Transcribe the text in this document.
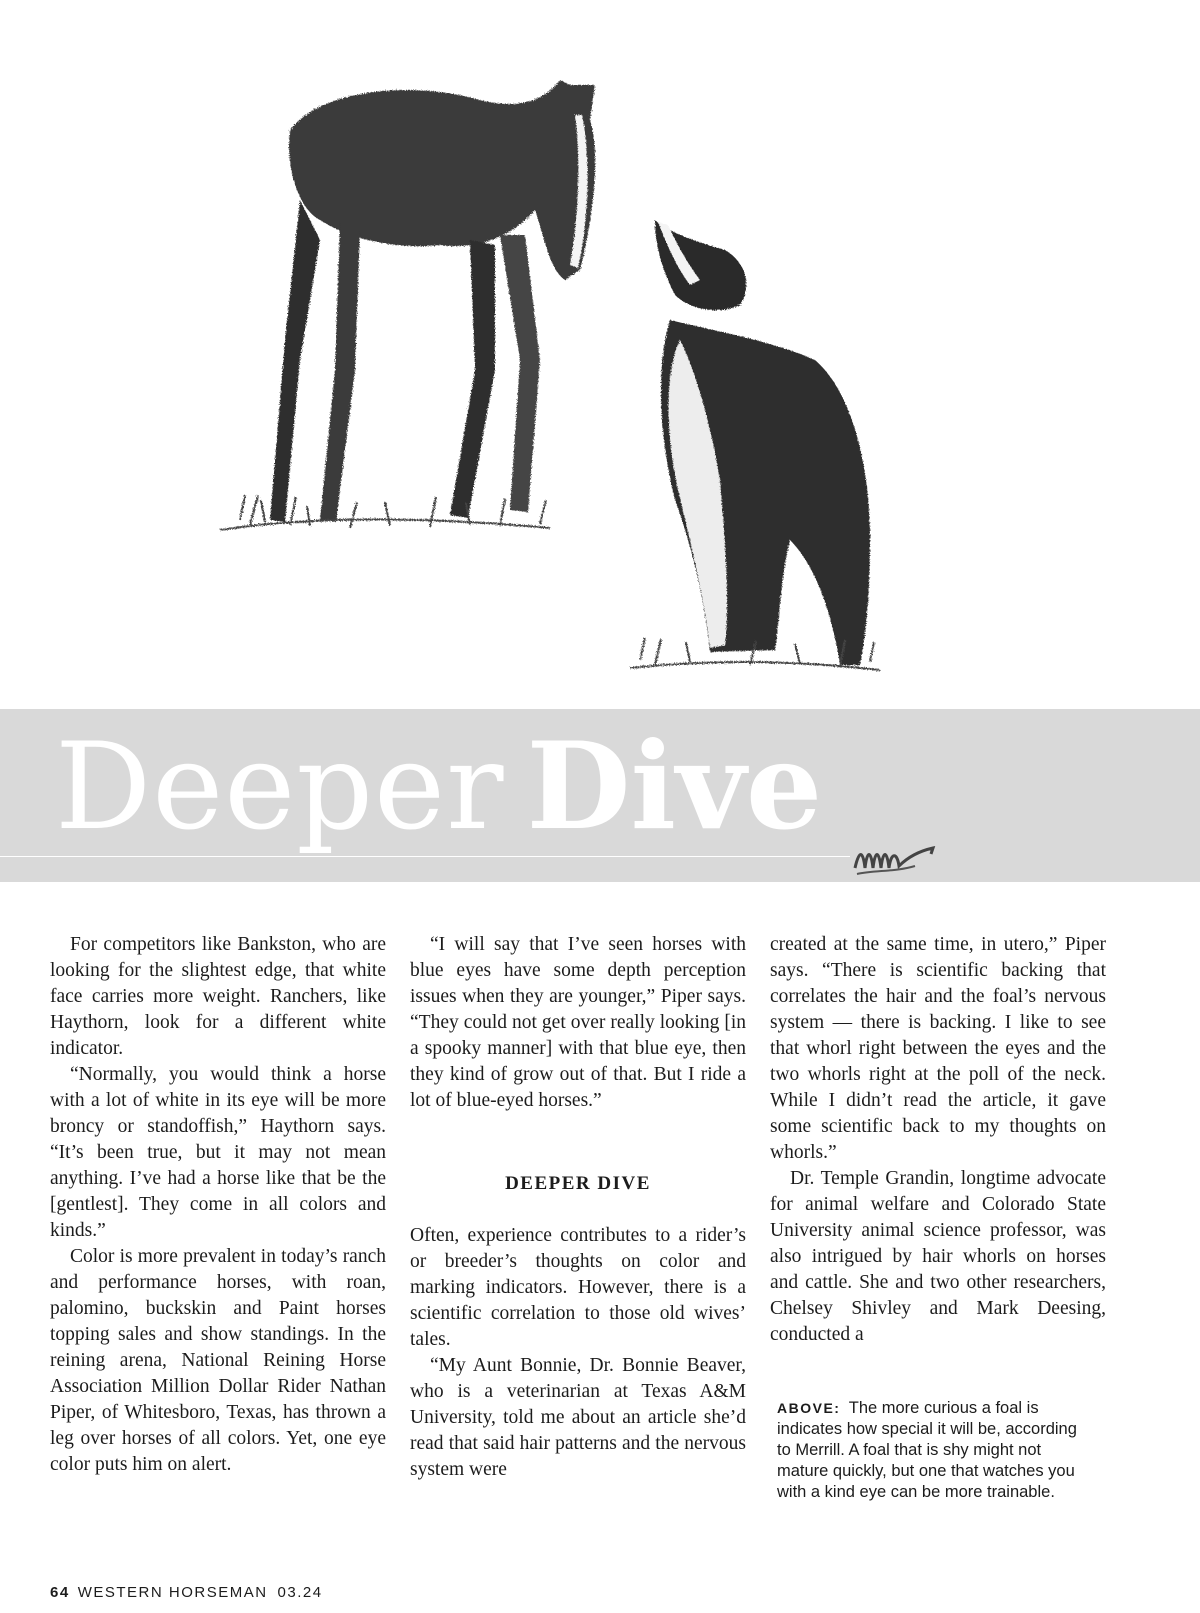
Deeper Dive

For competitors like Bankston, who are looking for the slightest edge, that white face carries more weight. Ranchers, like Haythorn, look for a different white indicator.

“Normally, you would think a horse with a lot of white in its eye will be more broncy or standoffish,” Haythorn says. “It’s been true, but it may not mean anything. I’ve had a horse like that be the [gentlest]. They come in all colors and kinds.”

Color is more prevalent in today’s ranch and performance horses, with roan, palomino, buckskin and Paint horses topping sales and show standings. In the reining arena, National Reining Horse Association Million Dollar Rider Nathan Piper, of Whitesboro, Texas, has thrown a leg over horses of all colors. Yet, one eye color puts him on alert.

“I will say that I’ve seen horses with blue eyes have some depth perception issues when they are younger,” Piper says. “They could not get over really looking [in a spooky manner] with that blue eye, then they kind of grow out of that. But I ride a lot of blue-eyed horses.”

DEEPER DIVE

Often, experience contributes to a rider’s or breeder’s thoughts on color and marking indicators. However, there is a scientific correlation to those old wives’ tales.

“My Aunt Bonnie, Dr. Bonnie Beaver, who is a veterinarian at Texas A&M University, told me about an article she’d read that said hair patterns and the nervous system were

created at the same time, in utero,” Piper says. “There is scientific backing that correlates the hair and the foal’s nervous system — there is backing. I like to see that whorl right between the eyes and the two whorls right at the poll of the neck. While I didn’t read the article, it gave some scientific back to my thoughts on whorls.”

Dr. Temple Grandin, longtime advocate for animal welfare and Colorado State University animal science professor, was also intrigued by hair whorls on horses and cattle. She and two other researchers, Chelsey Shivley and Mark Deesing, conducted a

ABOVE: The more curious a foal is indicates how special it will be, according to Merrill. A foal that is shy might not mature quickly, but one that watches you with a kind eye can be more trainable.
64 WESTERN HORSEMAN 03.24
